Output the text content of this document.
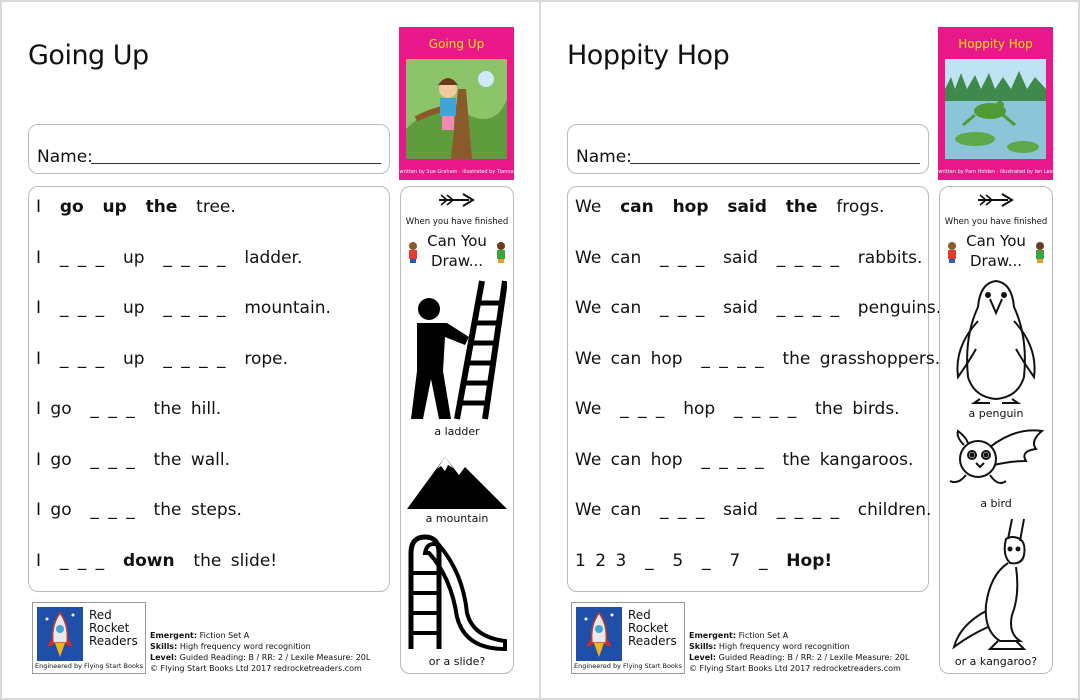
Going Up	Going Up
written by Sue Graham · illustrated by Tianna
Name:
I go up the tree.
I _ _ _ up _ _ _ _ ladder.
I _ _ _ up _ _ _ _ mountain.
I _ _ _ up _ _ _ _ rope.
I go _ _ _ the hill.
I go _ _ _ the wall.
I go _ _ _ the steps.
I _ _ _ down the slide!
When you have finished
Can You Draw...
a ladder
a mountain
or a slide?
Red
Rocket
Readers
Engineered by Flying Start Books
Emergent: Fiction Set A
Skills: High frequency word recognition
Level: Guided Reading: B / RR: 2 / Lexile Measure: 20L
© Flying Start Books Ltd 2017 redrocketreaders.com
Hoppity Hop	Hoppity Hop
written by Pam Holden · illustrated by Ian Lee
Name:
We can hop said the frogs.
We can _ _ _ said _ _ _ _ rabbits.
We can _ _ _ said _ _ _ _ penguins.
We can hop _ _ _ _ the grasshoppers.
We _ _ _ hop _ _ _ _ the birds.
We can hop _ _ _ _ the kangaroos.
We can _ _ _ said _ _ _ _ children.
1 2 3 _ 5 _ 7 _ Hop!
When you have finished
Can You Draw...
a penguin
a bird
or a kangaroo?
Red
Rocket
Readers
Engineered by Flying Start Books
Emergent: Fiction Set A
Skills: High frequency word recognition
Level: Guided Reading: B / RR: 2 / Lexile Measure: 20L
© Flying Start Books Ltd 2017 redrocketreaders.com
